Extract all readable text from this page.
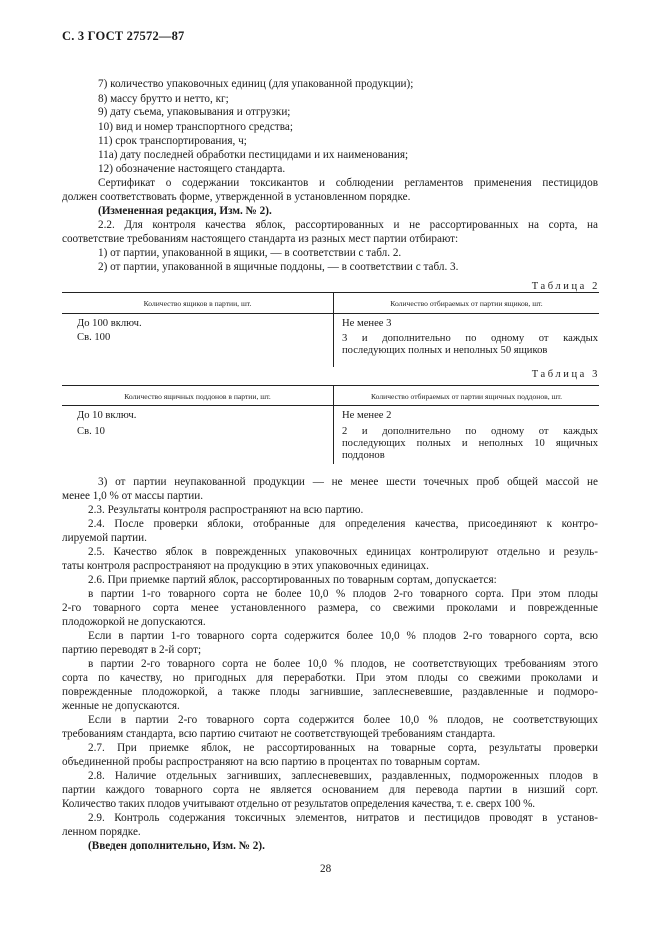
С. 3 ГОСТ 27572—87
7) количество упаковочных единиц (для упакованной продукции);
8) массу брутто и нетто, кг;
9) дату съема, упаковывания и отгрузки;
10) вид и номер транспортного средства;
11) срок транспортирования, ч;
11а) дату последней обработки пестицидами и их наименования;
12) обозначение настоящего стандарта.
Сертификат о содержании токсикантов и соблюдении регламентов применения пестицидов
должен соответствовать форме, утвержденной в установленном порядке.
(Измененная редакция, Изм. № 2).
2.2. Для контроля качества яблок, рассортированных и не рассортированных на сорта, на
соответствие требованиям настоящего стандарта из разных мест партии отбирают:
1) от партии, упакованной в ящики, — в соответствии с табл. 2.
2) от партии, упакованной в ящичные поддоны, — в соответствии с табл. 3.
Таблица 2
Количество ящиков в партии, шт.	Количество отбираемых от партии ящиков, шт.
До 100 включ.	Не менее 3
Св. 100	3 и дополнительно по одному от каждых
последующих полных и неполных 50 ящиков
Таблица 3
Количество ящичных поддонов в партии, шт.	Количество отбираемых от партии ящичных поддонов, шт.
До 10 включ.	Не менее 2
Св. 10	2 и дополнительно по одному от каждых
последующих полных и неполных 10 ящичных
поддонов
3) от партии неупакованной продукции — не менее шести точечных проб общей массой не
менее 1,0 % от массы партии.
2.3. Результаты контроля распространяют на всю партию.
2.4. После проверки яблоки, отобранные для определения качества, присоединяют к контро-
лируемой партии.
2.5. Качество яблок в поврежденных упаковочных единицах контролируют отдельно и резуль-
таты контроля распространяют на продукцию в этих упаковочных единицах.
2.6. При приемке партий яблок, рассортированных по товарным сортам, допускается:
в партии 1-го товарного сорта не более 10,0 % плодов 2-го товарного сорта. При этом плоды
2-го товарного сорта менее установленного размера, со свежими проколами и поврежденные
плодожоркой не допускаются.
Если в партии 1-го товарного сорта содержится более 10,0 % плодов 2-го товарного сорта, всю
партию переводят в 2-й сорт;
в партии 2-го товарного сорта не более 10,0 % плодов, не соответствующих требованиям этого
сорта по качеству, но пригодных для переработки. При этом плоды со свежими проколами и
поврежденные плодожоркой, а также плоды загнившие, заплесневевшие, раздавленные и подморо-
женные не допускаются.
Если в партии 2-го товарного сорта содержится более 10,0 % плодов, не соответствующих
требованиям стандарта, всю партию считают не соответствующей требованиям стандарта.
2.7. При приемке яблок, не рассортированных на товарные сорта, результаты проверки
объединенной пробы распространяют на всю партию в процентах по товарным сортам.
2.8. Наличие отдельных загнивших, заплесневевших, раздавленных, подмороженных плодов в
партии каждого товарного сорта не является основанием для перевода партии в низший сорт.
Количество таких плодов учитывают отдельно от результатов определения качества, т. е. сверх 100 %.
2.9. Контроль содержания токсичных элементов, нитратов и пестицидов проводят в установ-
ленном порядке.
(Введен дополнительно, Изм. № 2).
28
